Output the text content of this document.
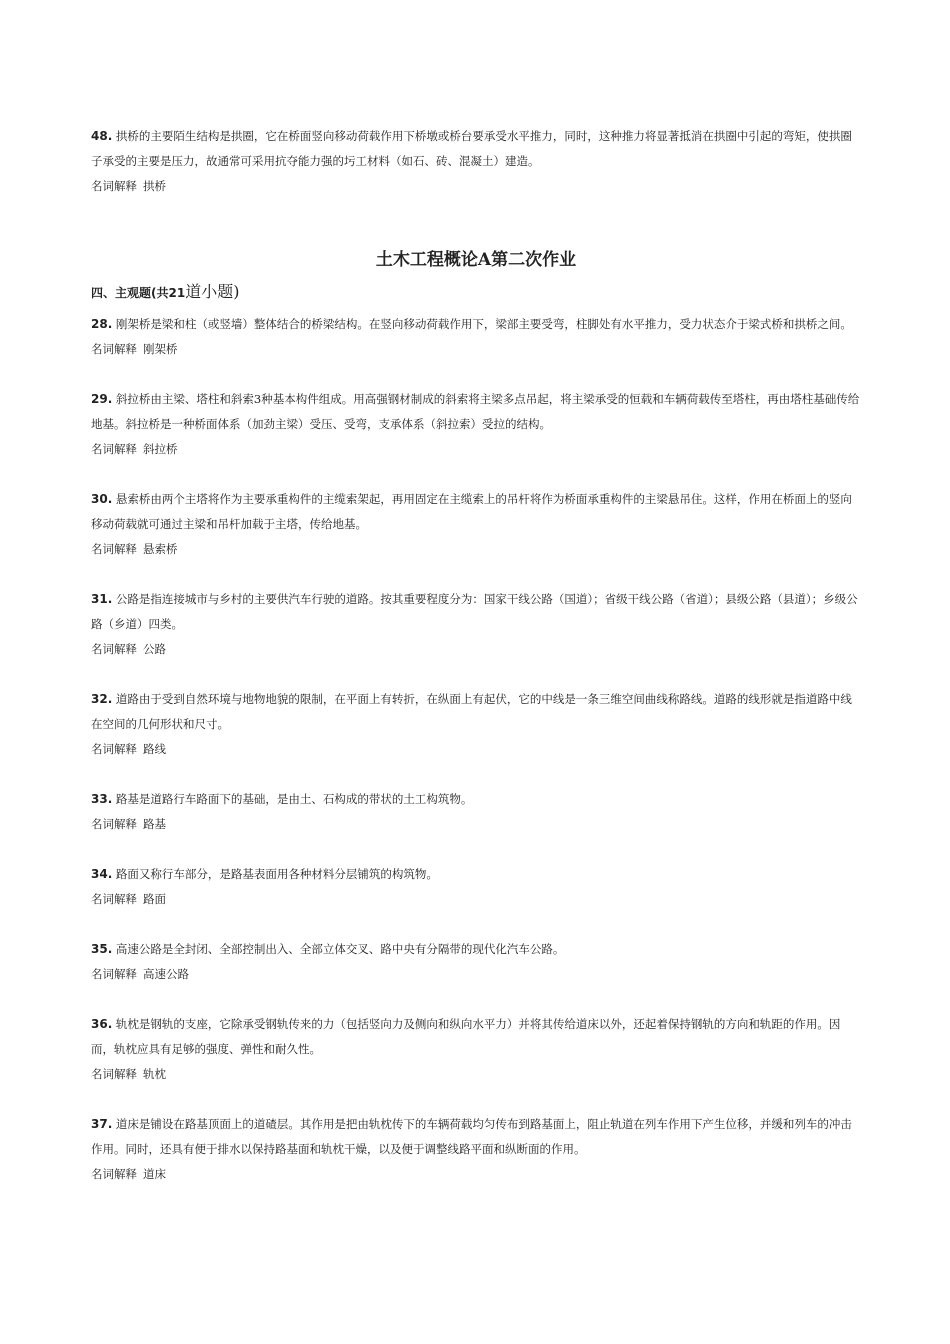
48. 拱桥的主要陌生结构是拱圈，它在桥面竖向移动荷载作用下桥墩或桥台要承受水平推力，同时，这种推力将显著抵消在拱圈中引起的弯矩，使拱圈子承受的主要是压力，故通常可采用抗夺能力强的圬工材料（如石、砖、混凝土）建造。

名词解释 拱桥

土木工程概论A第二次作业
四、主观题(共21道小题)

28. 刚架桥是梁和柱（或竖墙）整体结合的桥梁结构。在竖向移动荷载作用下，梁部主要受弯，柱脚处有水平推力，受力状态介于梁式桥和拱桥之间。

名词解释 刚架桥

29. 斜拉桥由主梁、塔柱和斜索3种基本构件组成。用高强钢材制成的斜索将主梁多点吊起，将主梁承受的恒载和车辆荷载传至塔柱，再由塔柱基础传给地基。斜拉桥是一种桥面体系（加劲主梁）受压、受弯，支承体系（斜拉索）受拉的结构。

名词解释 斜拉桥

30. 悬索桥由两个主塔将作为主要承重构件的主缆索架起，再用固定在主缆索上的吊杆将作为桥面承重构件的主梁悬吊住。这样，作用在桥面上的竖向移动荷载就可通过主梁和吊杆加载于主塔，传给地基。

名词解释 悬索桥

31. 公路是指连接城市与乡村的主要供汽车行驶的道路。按其重要程度分为：国家干线公路（国道）；省级干线公路（省道）；县级公路（县道）；乡级公路（乡道）四类。

名词解释 公路

32. 道路由于受到自然环境与地物地貌的限制，在平面上有转折，在纵面上有起伏，它的中线是一条三维空间曲线称路线。道路的线形就是指道路中线在空间的几何形状和尺寸。

名词解释 路线

33. 路基是道路行车路面下的基础，是由土、石构成的带状的土工构筑物。

名词解释 路基

34. 路面又称行车部分，是路基表面用各种材料分层铺筑的构筑物。

名词解释 路面

35. 高速公路是全封闭、全部控制出入、全部立体交叉、路中央有分隔带的现代化汽车公路。

名词解释 高速公路

36. 轨枕是钢轨的支座，它除承受钢轨传来的力（包括竖向力及侧向和纵向水平力）并将其传给道床以外，还起着保持钢轨的方向和轨距的作用。因而，轨枕应具有足够的强度、弹性和耐久性。

名词解释 轨枕

37. 道床是铺设在路基顶面上的道碴层。其作用是把由轨枕传下的车辆荷载均匀传布到路基面上，阻止轨道在列车作用下产生位移，并缓和列车的冲击作用。同时，还具有便于排水以保持路基面和轨枕干燥，以及便于调整线路平面和纵断面的作用。

名词解释 道床
